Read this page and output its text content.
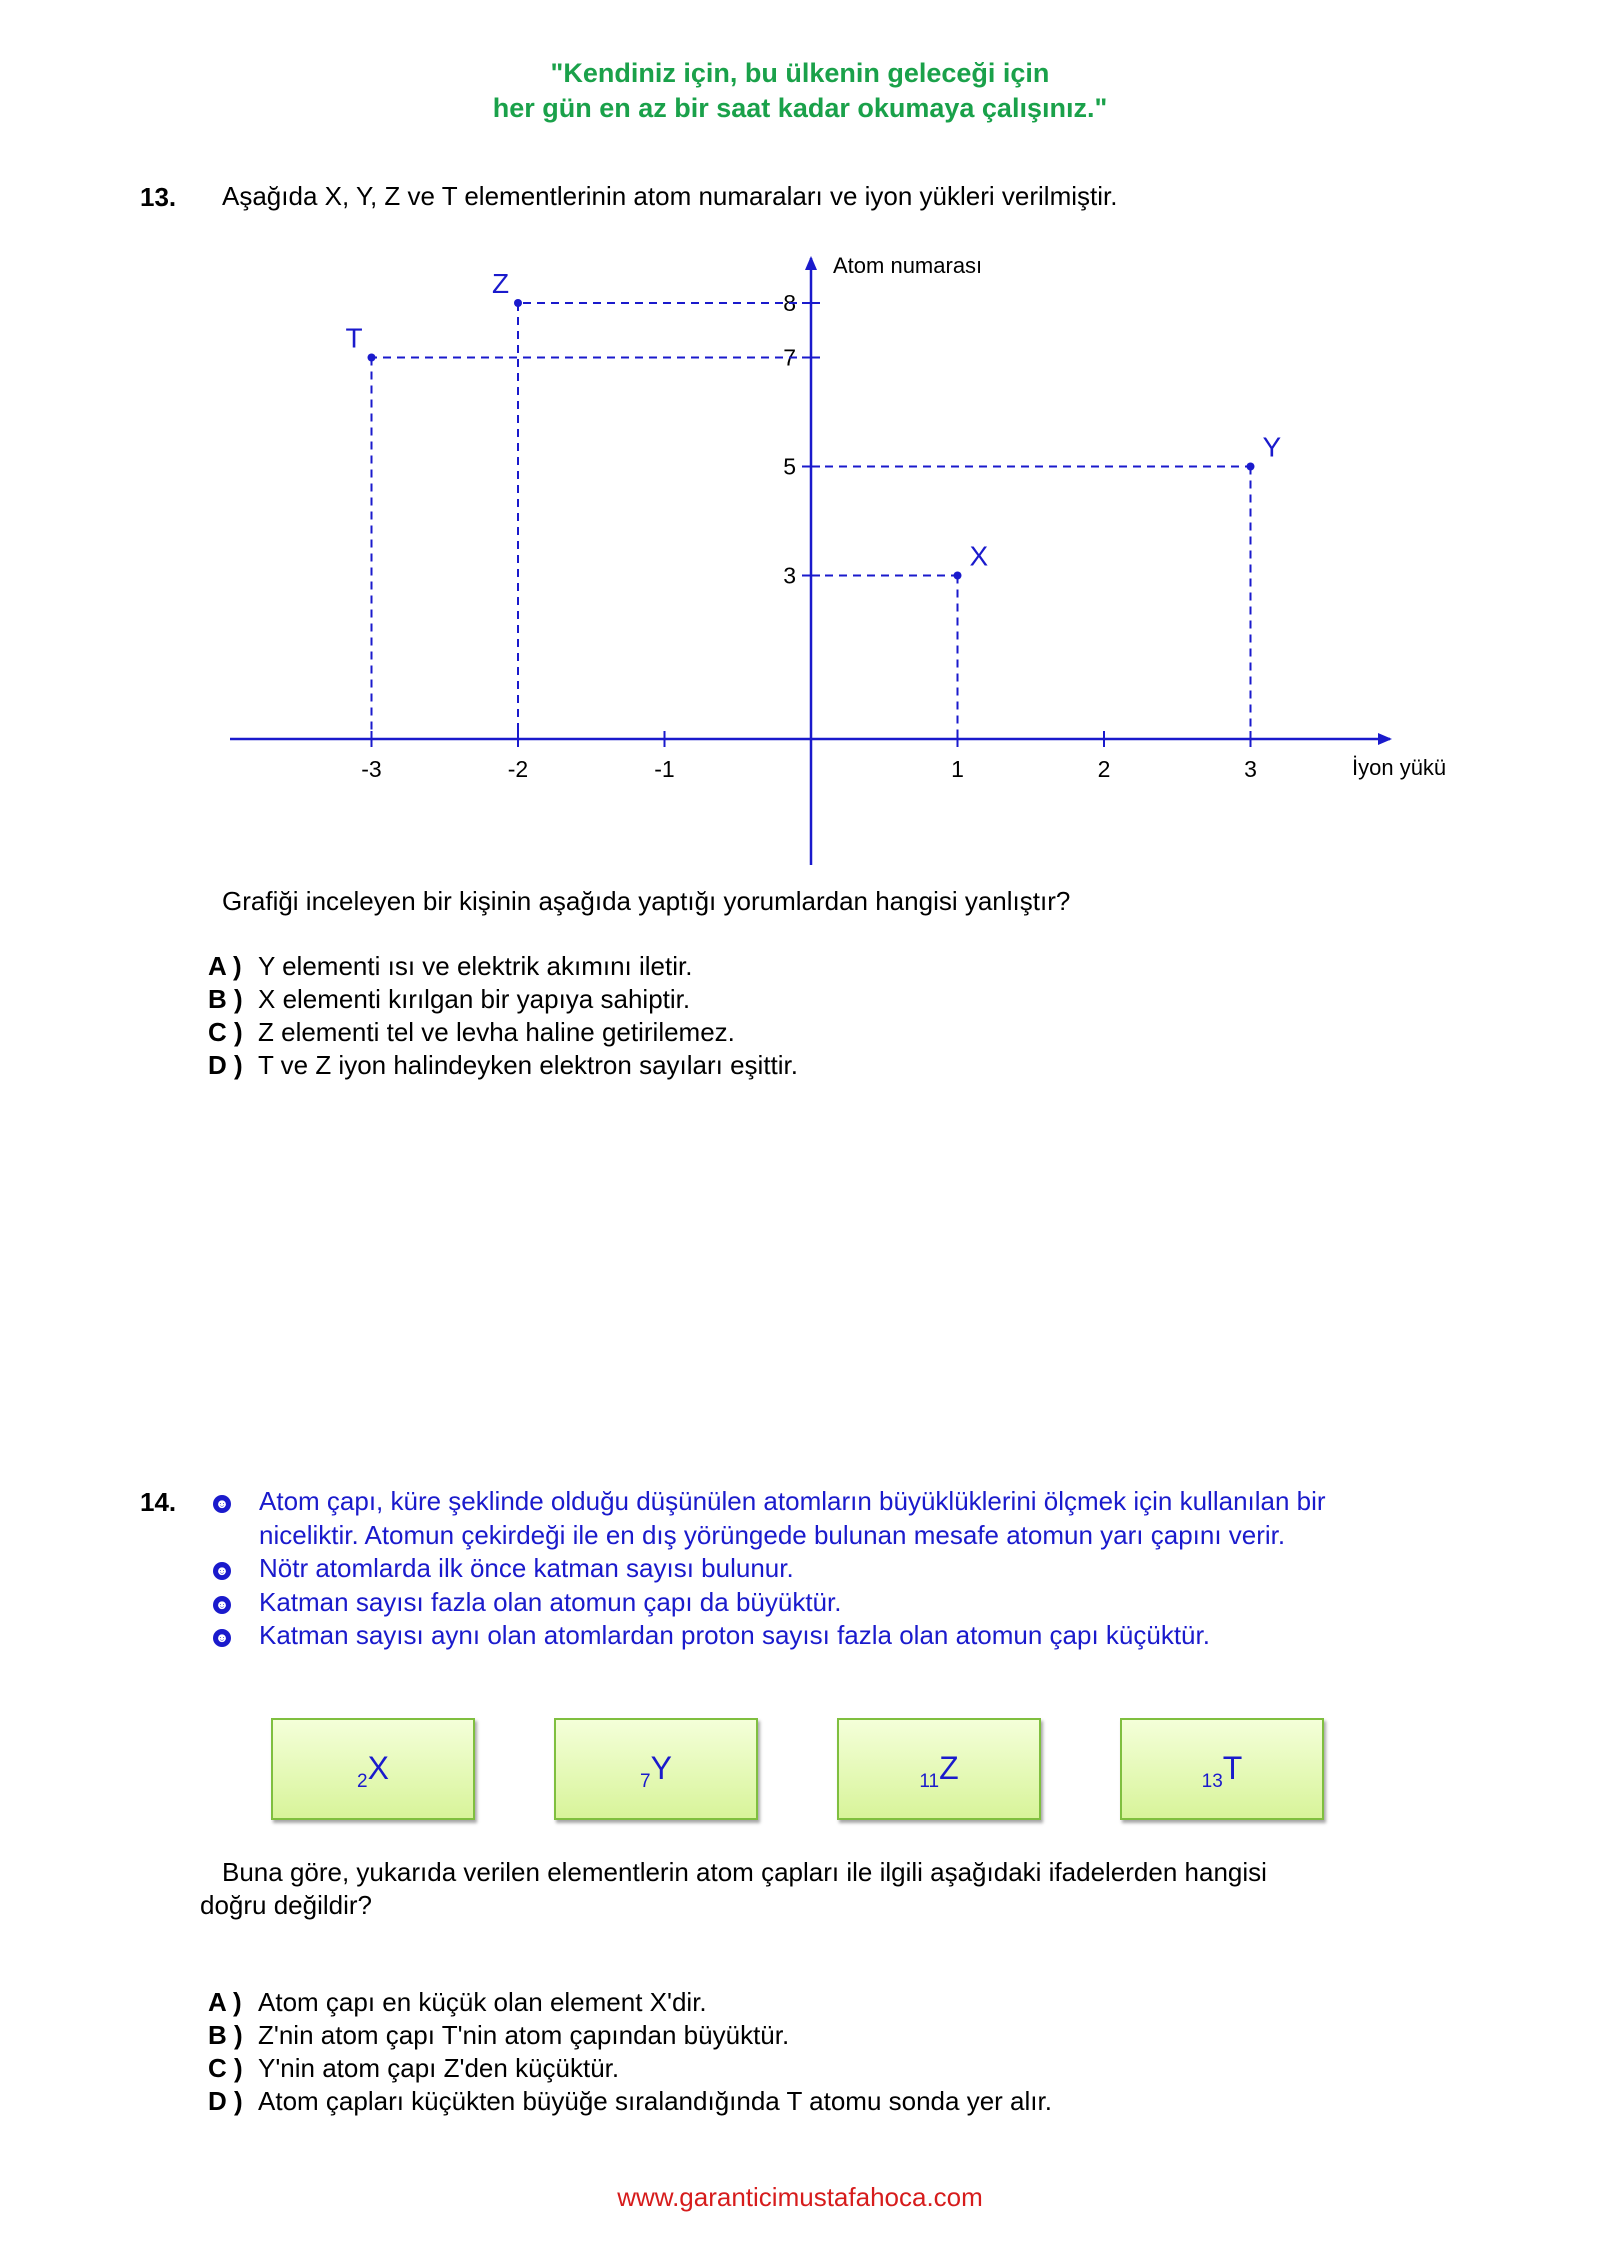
"Kendiniz için, bu ülkenin geleceği için
her gün en az bir saat kadar okumaya çalışınız."
13. Aşağıda X, Y, Z ve T elementlerinin atom numaraları ve iyon yükleri verilmiştir.
İyon yükü
Atom numarası
-3	-2	-1	1	2	3
3
5
7
8
X
Y
T
Z
Grafiği inceleyen bir kişinin aşağıda yaptığı yorumlardan hangisi yanlıştır?
A ) Y elementi ısı ve elektrik akımını iletir.
B ) X elementi kırılgan bir yapıya sahiptir.
C ) Z elementi tel ve levha haline getirilemez.
D ) T ve Z iyon halindeyken elektron sayıları eşittir.
14.	☻ Atom çapı, küre şeklinde olduğu düşünülen atomların büyüklüklerini ölçmek için kullanılan bir
niceliktir. Atomun çekirdeği ile en dış yörüngede bulunan mesafe atomun yarı çapını verir.
☻ Nötr atomlarda ilk önce katman sayısı bulunur.
☻ Katman sayısı fazla olan atomun çapı da büyüktür.
☻ Katman sayısı aynı olan atomlardan proton sayısı fazla olan atomun çapı küçüktür.
$_2$X	$_7$Y	$_{11}$Z	$_{13}$T
Buna göre, yukarıda verilen elementlerin atom çapları ile ilgili aşağıdaki ifadelerden hangisi
doğru değildir?
A ) Atom çapı en küçük olan element X'dir.
B ) Z'nin atom çapı T'nin atom çapından büyüktür.
C ) Y'nin atom çapı Z'den küçüktür.
D ) Atom çapları küçükten büyüğe sıralandığında T atomu sonda yer alır.
www.garanticimustafahoca.com
